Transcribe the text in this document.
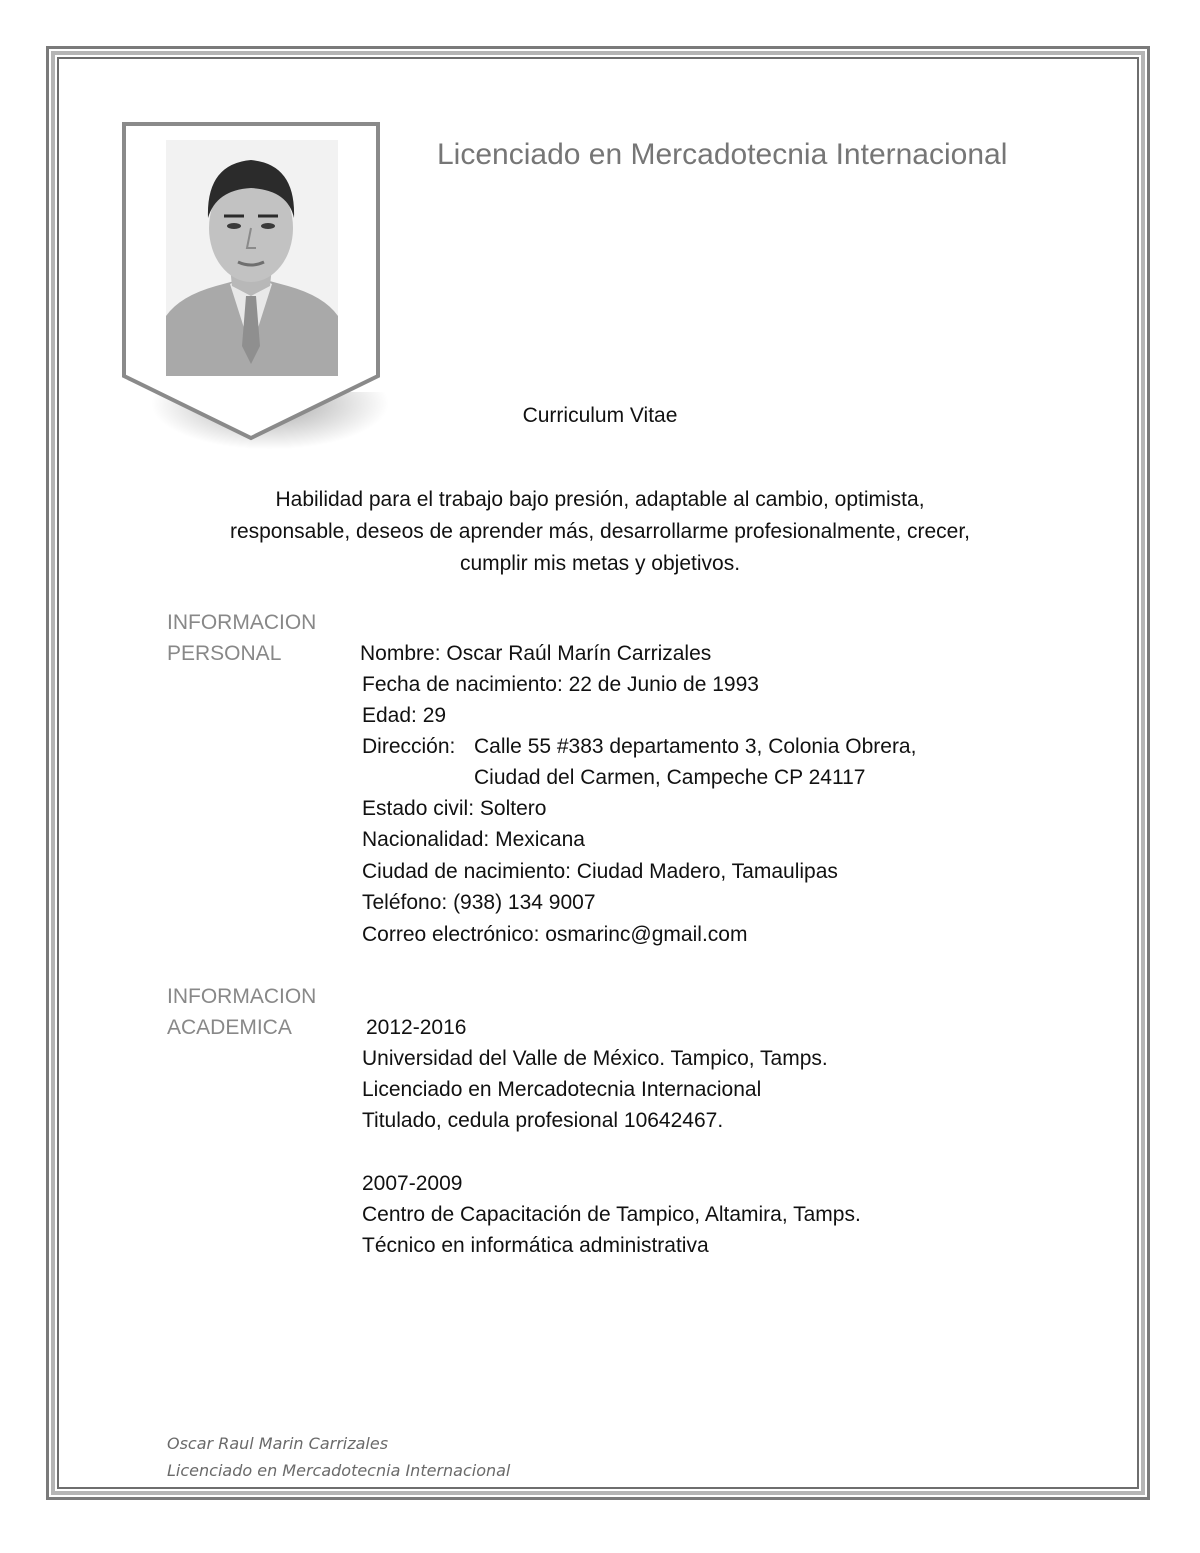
Licenciado en Mercadotecnia Internacional
Curriculum Vitae
Habilidad para el trabajo bajo presión, adaptable al cambio, optimista,
responsable, deseos de aprender más, desarrollarme profesionalmente, crecer,
cumplir mis metas y objetivos.
INFORMACION
PERSONAL	Nombre: Oscar Raúl Marín Carrizales
Fecha de nacimiento: 22 de Junio de 1993
Edad: 29
Dirección: Calle 55 #383 departamento 3, Colonia Obrera,
Ciudad del Carmen, Campeche CP 24117
Estado civil: Soltero
Nacionalidad: Mexicana
Ciudad de nacimiento: Ciudad Madero, Tamaulipas
Teléfono: (938) 134 9007
Correo electrónico: osmarinc@gmail.com
INFORMACION
ACADEMICA	2012-2016
Universidad del Valle de México. Tampico, Tamps.
Licenciado en Mercadotecnia Internacional
Titulado, cedula profesional 10642467.
2007-2009
Centro de Capacitación de Tampico, Altamira, Tamps.
Técnico en informática administrativa
Oscar Raul Marin Carrizales
Licenciado en Mercadotecnia Internacional
